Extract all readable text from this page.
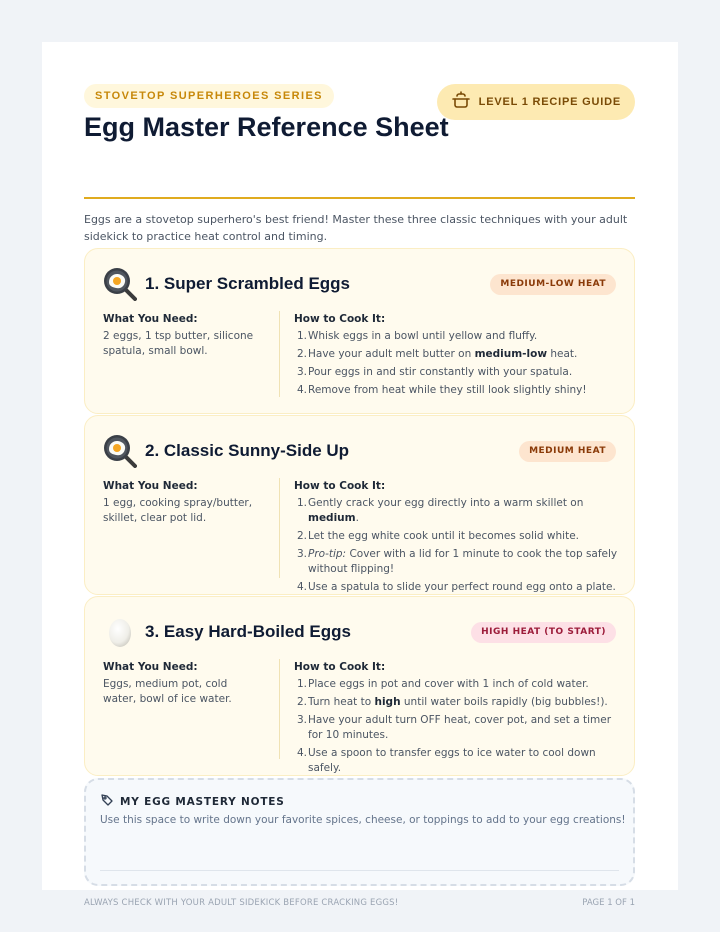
STOVETOP SUPERHEROES SERIES	LEVEL 1 RECIPE GUIDE
Egg Master Reference Sheet
Eggs are a stovetop superhero's best friend! Master these three classic techniques with your adult sidekick to practice heat control and timing.
1. Super Scrambled Eggs	MEDIUM-LOW HEAT
What You Need:

2 eggs, 1 tsp butter, silicone spatula, small bowl.

How to Cook It:
1. Whisk eggs in a bowl until yellow and fluffy.
2. Have your adult melt butter on medium-low heat.
3. Pour eggs in and stir constantly with your spatula.
4. Remove from heat while they still look slightly shiny!
2. Classic Sunny-Side Up	MEDIUM HEAT
What You Need:

1 egg, cooking spray/butter, skillet, clear pot lid.

How to Cook It:
1. Gently crack your egg directly into a warm skillet on medium.
2. Let the egg white cook until it becomes solid white.
3. Pro-tip: Cover with a lid for 1 minute to cook the top safely without flipping!
4. Use a spatula to slide your perfect round egg onto a plate.
3. Easy Hard-Boiled Eggs	HIGH HEAT (TO START)
What You Need:

Eggs, medium pot, cold water, bowl of ice water.

How to Cook It:
1. Place eggs in pot and cover with 1 inch of cold water.
2. Turn heat to high until water boils rapidly (big bubbles!).
3. Have your adult turn OFF heat, cover pot, and set a timer for 10 minutes.
4. Use a spoon to transfer eggs to ice water to cool down safely.
MY EGG MASTERY NOTES
Use this space to write down your favorite spices, cheese, or toppings to add to your egg creations!
ALWAYS CHECK WITH YOUR ADULT SIDEKICK BEFORE CRACKING EGGS!	PAGE 1 OF 1
